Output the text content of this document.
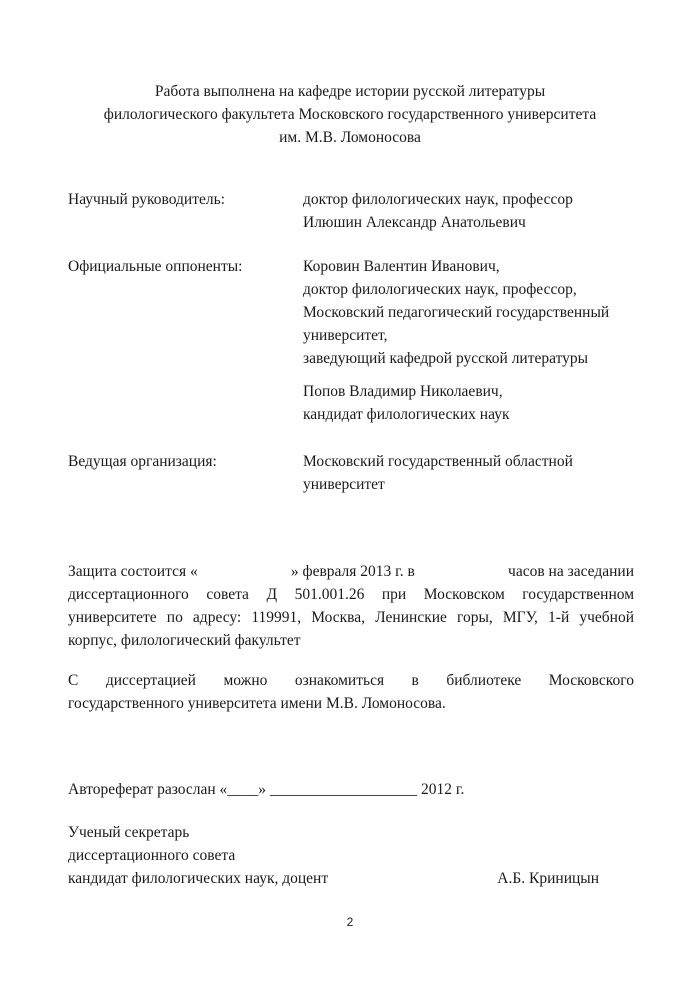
Работа выполнена на кафедре истории русской литературы
филологического факультета Московского государственного университета
им. М.В. Ломоносова
Научный руководитель:	доктор филологических наук, профессор
Илюшин Александр Анатольевич
Официальные оппоненты:	Коровин Валентин Иванович,
доктор филологических наук, профессор,
Московский педагогический государственный
университет,
заведующий кафедрой русской литературы
Попов Владимир Николаевич,
кандидат филологических наук
Ведущая организация:	Московский государственный областной
университет
Защита состоится «	» февраля 2013 г. в	часов на заседании
диссертационного совета Д 501.001.26 при Московском государственном
университете по адресу: 119991, Москва, Ленинские горы, МГУ, 1-й учебной
корпус, филологический факультет
С диссертацией можно ознакомиться в библиотеке Московского
государственного университета имени М.В. Ломоносова.
Автореферат разослан «____» ___________________ 2012 г.
Ученый секретарь
диссертационного совета
кандидат филологических наук, доцент	А.Б. Криницын
2
